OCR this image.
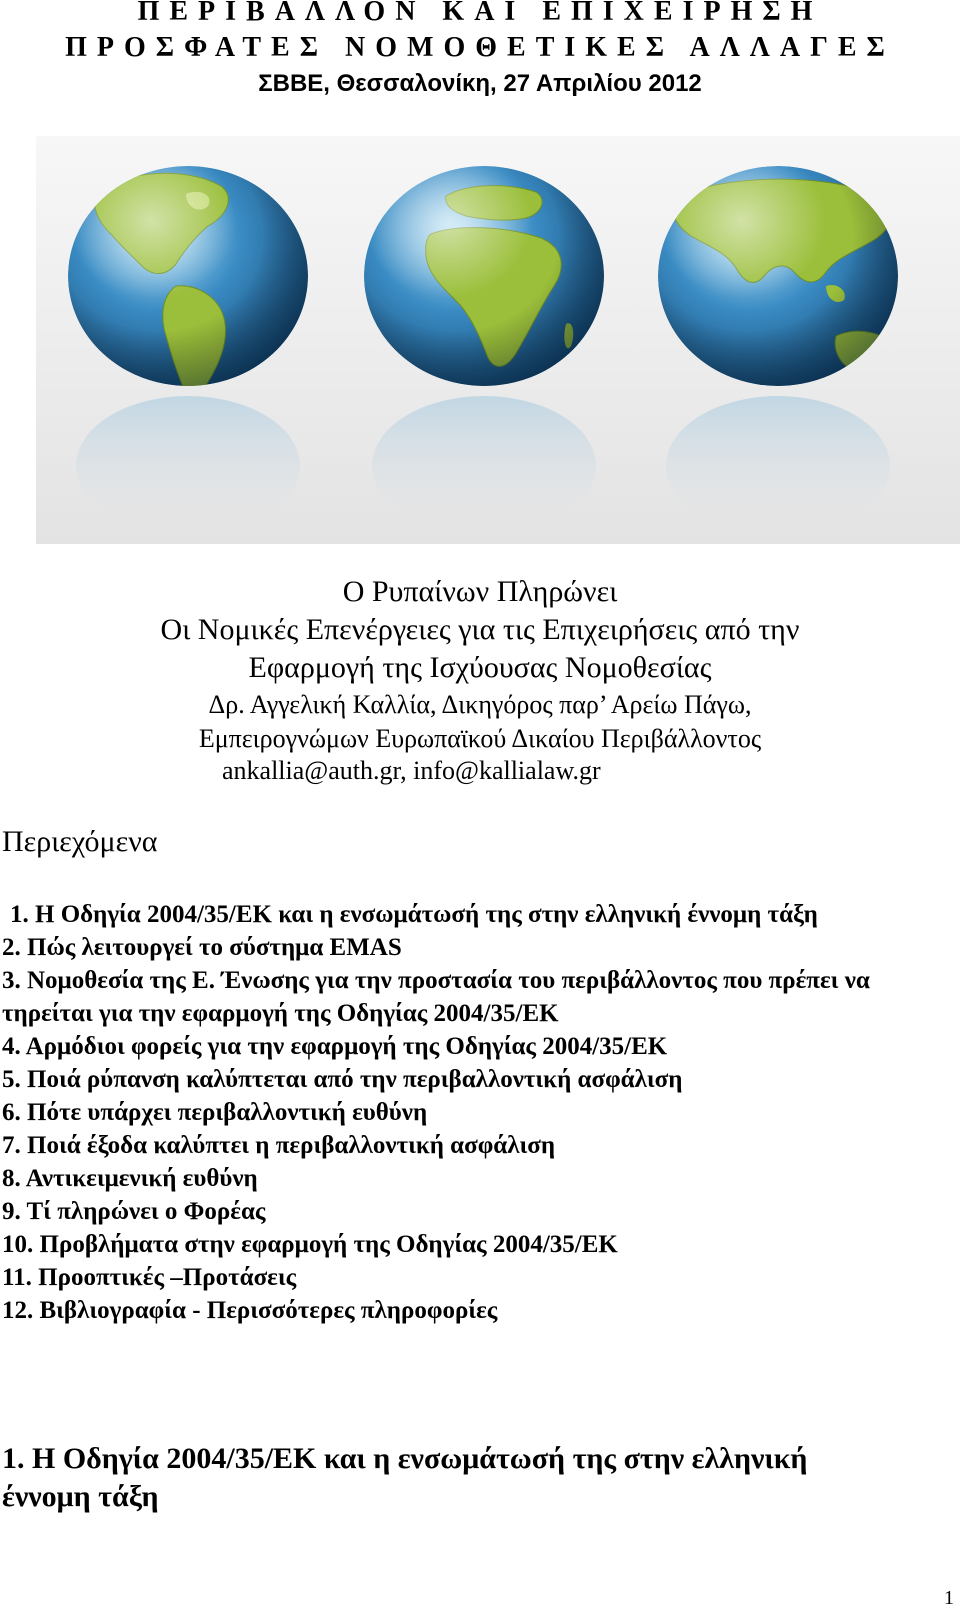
ΠΕΡΙΒΑΛΛΟΝ ΚΑΙ ΕΠΙΧΕΙΡΗΣΗ
ΠΡΟΣΦΑΤΕΣ ΝΟΜΟΘΕΤΙΚΕΣ ΑΛΛΑΓΕΣ
ΣΒΒΕ, Θεσσαλονίκη, 27 Απριλίου 2012
Ο Ρυπαίνων Πληρώνει
Οι Νομικές Επενέργειες για τις Επιχειρήσεις από την
Εφαρμογή της Ισχύουσας Νομοθεσίας
Δρ. Αγγελική Καλλία, Δικηγόρος παρ’ Αρείω Πάγω,
Εμπειρογνώμων Ευρωπαϊκού Δικαίου Περιβάλλοντος
ankallia@auth.gr, info@kallialaw.gr
Περιεχόμενα
1. Η Οδηγία 2004/35/ΕΚ και η ενσωμάτωσή της στην ελληνική έννομη τάξη
2. Πώς λειτουργεί το σύστημα EMAS
3. Νομοθεσία της Ε. Ένωσης για την προστασία του περιβάλλοντος που πρέπει να τηρείται για την εφαρμογή της Οδηγίας 2004/35/ΕΚ
4. Αρμόδιοι φορείς για την εφαρμογή της Οδηγίας 2004/35/ΕΚ
5. Ποιά ρύπανση καλύπτεται από την περιβαλλοντική ασφάλιση
6. Πότε υπάρχει περιβαλλοντική ευθύνη
7. Ποιά έξοδα καλύπτει η περιβαλλοντική ασφάλιση
8. Αντικειμενική ευθύνη
9. Τί πληρώνει ο Φορέας
10. Προβλήματα στην εφαρμογή της Οδηγίας 2004/35/ΕΚ
11. Προοπτικές –Προτάσεις
12. Βιβλιογραφία - Περισσότερες πληροφορίες
1. Η Οδηγία 2004/35/ΕΚ και η ενσωμάτωσή της στην ελληνική έννομη τάξη
1
